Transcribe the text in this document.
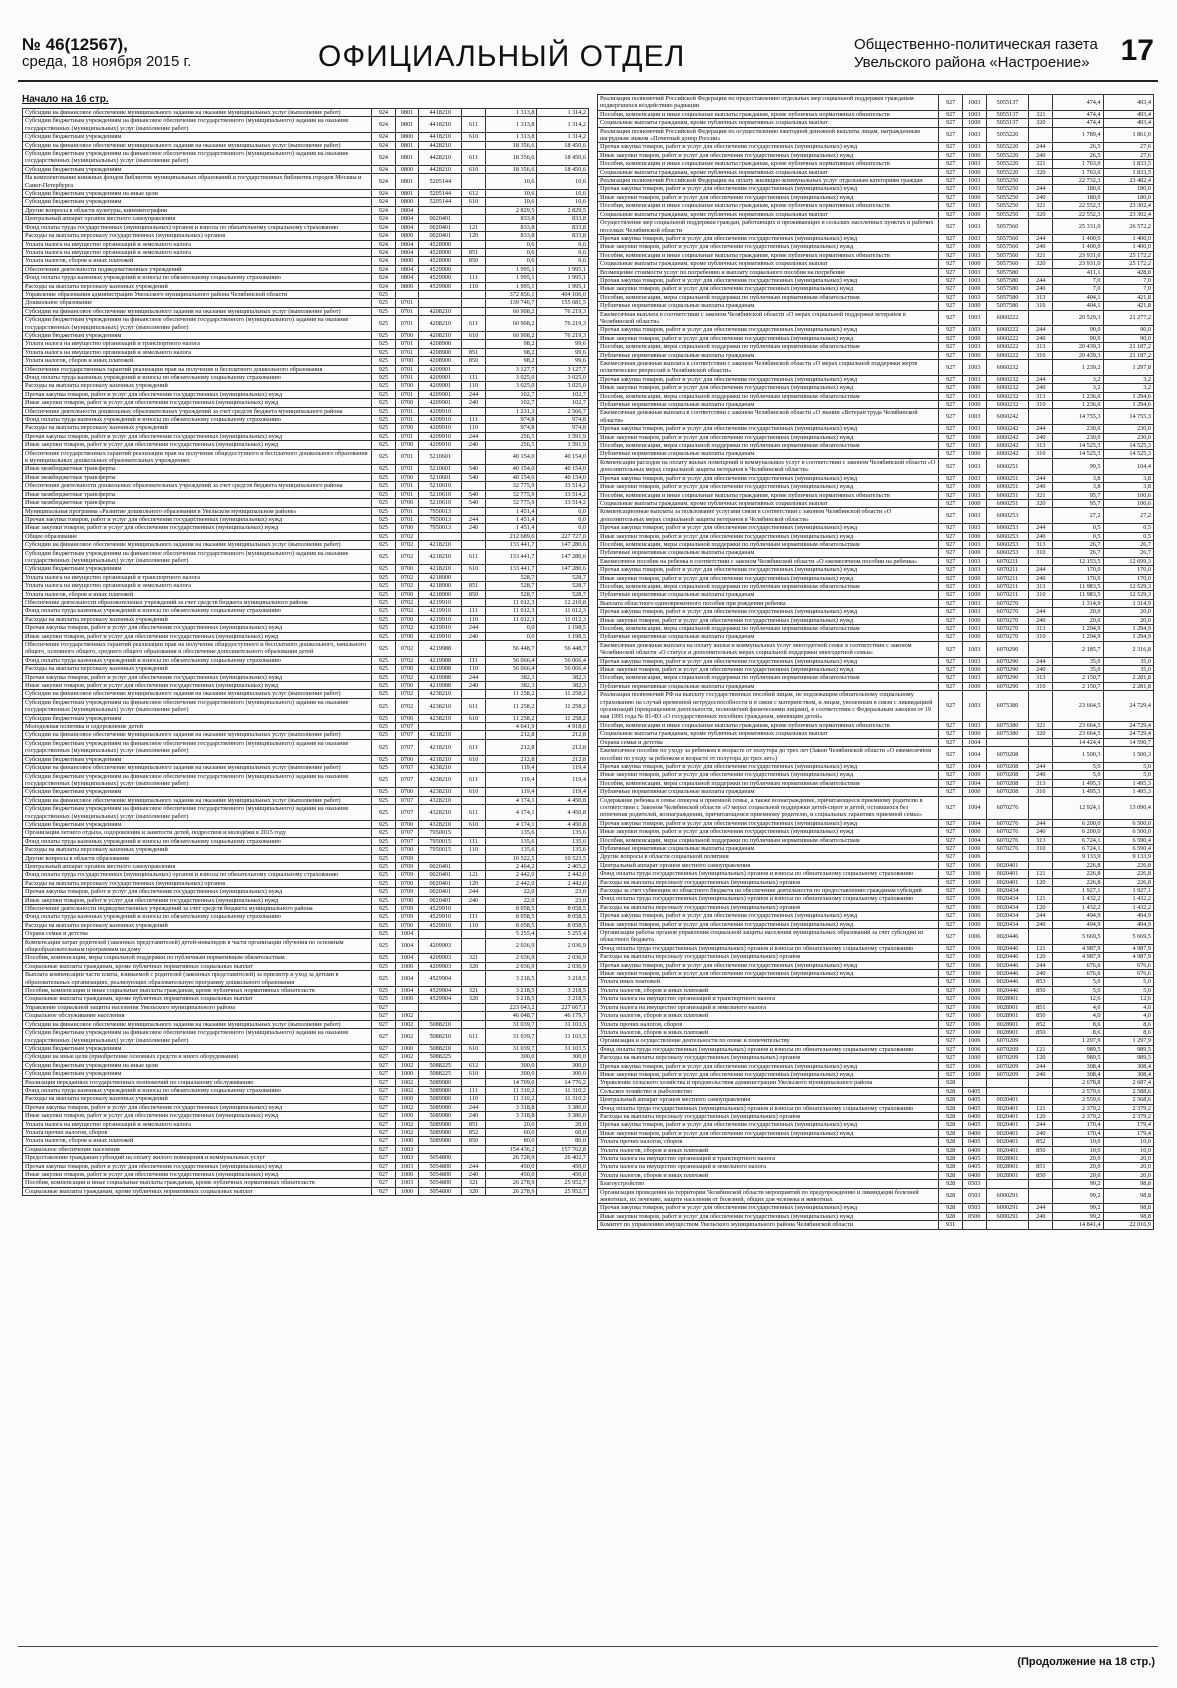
№ 46(12567),
среда, 18 ноября 2015 г.	ОФИЦИАЛЬНЫЙ ОТДЕЛ	Общественно-политическая газета
Увельского района «Настроение»	17
Начало на 16 стр.
Субсидии на финансовое обеспечение муниципального задания на оказание муниципальных услуг (выполнение работ)	924	0801	4418210		1 313,8	1 314,2
Субсидии бюджетным учреждениям на финансовое обеспечение государственного (муниципального) задания на оказание государственных (муниципальных) услуг (выполнение работ)	924	0801	4418210	611	1 313,8	1 314,2
Субсидии бюджетным учреждениям	924	0800	4418210	610	1 313,8	1 314,2
Субсидии на финансовое обеспечение муниципального задания на оказание муниципальных услуг (выполнение работ)	924	0801	4428210		18 356,6	18 450,6
Субсидии бюджетным учреждениям на финансовое обеспечение государственного (муниципального) задания на оказание государственных (муниципальных) услуг (выполнение работ)	924	0801	4428210	611	18 356,6	18 450,6
Субсидии бюджетным учреждениям	924	0800	4428210	610	18 356,6	18 450,6
На комплектование книжных фондов библиотек муниципальных образований и государственных библиотек городов Москвы и Санкт-Петербурга	924	0801	5205144		10,6	10,6
Субсидии бюджетным учреждениям на иные цели	924	0801	5205144	612	10,6	10,6
Субсидии бюджетным учреждениям	924	0800	5205144	610	10,6	10,6
Другие вопросы в области культуры, кинематографии	924	0804			2 829,5	2 829,5
Центральный аппарат органов местного самоуправления	924	0804	0020401		833,8	833,8
Фонд оплаты труда государственных (муниципальных) органов и взносы по обязательному социальному страхованию	924	0804	0020401	121	833,8	833,8
Расходы на выплаты персоналу государственных (муниципальных) органов	924	0800	0020401	120	833,8	833,8
Уплата налога на имущество организаций и земельного налога	924	0804	4528900		0,6	0,6
Уплата налога на имущество организаций и земельного налога	924	0804	4528900	851	0,6	0,6
Уплата налогов, сборов и иных платежей	924	0800	4528900	850	0,6	0,6
Обеспечение деятельности подведомственных учреждений	924	0804	4529900		1 995,1	1 995,1
Фонд оплаты труда казенных учреждений и взносы по обязательному социальному страхованию	924	0804	4529900	111	1 995,1	1 995,1
Расходы на выплаты персоналу казенных учреждений	924	0800	4529900	110	1 995,1	1 995,1
Управление образования администрации Увельского муниципального района Челябинской области	925				372 856,1	404 106,0
Дошкольное образование	925	0701			139 746,7	155 681,5
Субсидии на финансовое обеспечение муниципального задания на оказание муниципальных услуг (выполнение работ)	925	0701	4208210		60 908,2	76 219,3
Субсидии бюджетным учреждениям на финансовое обеспечение государственного (муниципального) задания на оказание государственных (муниципальных) услуг (выполнение работ)	925	0701	4208210	611	60 908,2	76 219,3
Субсидии бюджетным учреждениям	925	0700	4208210	610	60 908,2	76 219,3
Уплата налога на имущество организаций и транспортного налога	925	0701	4208900		98,2	99,6
Уплата налога на имущество организаций и земельного налога	925	0701	4208900	851	98,2	99,6
Уплата налогов, сборов и иных платежей	925	0700	4208900	850	98,2	99,6
Обеспечение государственных гарантий реализации прав на получение и бесплатного дошкольного образования	925	0701	4209901		3 127,7	3 127,7
Фонд оплаты труда казенных учреждений и взносы по обязательному социальному страхованию	925	0701	4209901	111	3 025,0	3 025,0
Расходы на выплаты персоналу казенных учреждений	925	0700	4209901	110	3 025,0	3 025,0
Прочая закупка товаров, работ и услуг для обеспечения государственных (муниципальных) нужд	925	0701	4209901	244	102,7	102,7
Иные закупки товаров, работ и услуг для обеспечения государственных (муниципальных) нужд	925	0700	4209901	240	102,7	102,7
Обеспечение деятельности дошкольных образовательных учреждений за счет средств бюджета муниципального района	925	0701	4209910		1 231,3	2 566,7
Фонд оплаты труда казенных учреждений и взносы по обязательному социальному страхованию	925	0701	4209910	111	974,8	974,8
Расходы на выплаты персоналу казенных учреждений	925	0700	4209910	110	974,8	974,8
Прочая закупка товаров, работ и услуг для обеспечения государственных (муниципальных) нужд	925	0701	4209910	244	256,5	1 591,9
Иные закупки товаров, работ и услуг для обеспечения государственных (муниципальных) нужд	925	0700	4209910	240	256,5	1 591,9
Обеспечение государственных гарантий реализации прав на получение общедоступного и бесплатного дошкольного образования в муниципальных дошкольных образовательных учреждениях	925	0701	5210601		40 154,0	40 154,0
Иные межбюджетные трансферты	925	0701	5210601	540	40 154,0	40 154,0
Иные межбюджетные трансферты	925	0700	5210601	540	40 154,0	40 154,0
Обеспечение деятельности дошкольных образовательных учреждений за счет средств бюджета муниципального района	925	0701	5210610		32 775,9	33 514,2
Иные межбюджетные трансферты	925	0701	5210610	540	32 775,9	33 514,2
Иные межбюджетные трансферты	925	0700	5210610	540	32 775,9	33 514,2
Муниципальная программа «Развитие дошкольного образования в Увельском муниципальном районе»	925	0701	7950013		1 451,4	0,0
Прочая закупка товаров, работ и услуг для обеспечения государственных (муниципальных) нужд	925	0701	7950013	244	1 451,4	0,0
Иные закупки товаров, работ и услуг для обеспечения государственных (муниципальных) нужд	925	0700	7950013	240	1 451,4	0,0
Общее образование	925	0702			212 689,6	227 727,0
Субсидии на финансовое обеспечение муниципального задания на оказание муниципальных услуг (выполнение работ)	925	0702	4218210		133 441,7	147 280,6
Субсидии бюджетным учреждениям на финансовое обеспечение государственного (муниципального) задания на оказание государственных (муниципальных) услуг (выполнение работ)	925	0702	4218210	611	133 441,7	147 280,6
Субсидии бюджетным учреждениям	925	0700	4218210	610	133 441,7	147 280,6
Уплата налога на имущество организаций и транспортного налога	925	0702	4218900		528,7	528,7
Уплата налога на имущество организаций и земельного налога	925	0702	4218900	851	528,7	528,7
Уплата налогов, сборов и иных платежей	925	0700	4218900	850	528,7	528,7
Обеспечение деятельности образовательных учреждений за счет средств бюджета муниципального района	925	0702	4219910		11 012,3	12 210,8
Фонд оплаты труда казенных учреждений и взносы по обязательному социальному страхованию	925	0702	4219910	111	11 012,3	11 012,3
Расходы на выплаты персоналу казенных учреждений	925	0700	4219910	110	11 012,3	11 012,3
Прочая закупка товаров, работ и услуг для обеспечения государственных (муниципальных) нужд	925	0702	4219910	244	0,0	1 198,5
Иные закупки товаров, работ и услуг для обеспечения государственных (муниципальных) нужд	925	0700	4219910	240	0,0	1 198,5
Обеспечение государственных гарантий реализации прав на получение общедоступного и бесплатного дошкольного, начального общего, основного общего, среднего общего образования и обеспечение дополнительного образования детей	925	0702	4219988		56 448,7	56 448,7
Фонд оплаты труда казенных учреждений и взносы по обязательному социальному страхованию	925	0702	4219988	111	56 066,4	56 066,4
Расходы на выплаты персоналу казенных учреждений	925	0700	4219988	110	56 066,4	56 066,4
Прочая закупка товаров, работ и услуг для обеспечения государственных (муниципальных) нужд	925	0702	4219988	244	382,3	382,3
Иные закупки товаров, работ и услуг для обеспечения государственных (муниципальных) нужд	925	0700	4219988	240	382,3	382,3
Субсидии на финансовое обеспечение муниципального задания на оказание муниципальных услуг (выполнение работ)	925	0702	4238210		11 258,2	11 258,2
Субсидии бюджетным учреждениям на финансовое обеспечение государственного (муниципального) задания на оказание государственных (муниципальных) услуг (выполнение работ)	925	0702	4238210	611	11 258,2	11 258,2
Субсидии бюджетным учреждениям	925	0700	4238210	610	11 258,2	11 258,2
Молодежная политика и оздоровление детей	925	0707			4 641,9	4 918,6
Субсидии на финансовое обеспечение муниципального задания на оказание муниципальных услуг (выполнение работ)	925	0707	4218210		212,8	212,8
Субсидии бюджетным учреждениям на финансовое обеспечение государственного (муниципального) задания на оказание государственных (муниципальных) услуг (выполнение работ)	925	0707	4218210	611	212,8	212,8
Субсидии бюджетным учреждениям	925	0700	4218210	610	212,8	212,8
Субсидии на финансовое обеспечение муниципального задания на оказание муниципальных услуг (выполнение работ)	925	0707	4238210		119,4	119,4
Субсидии бюджетным учреждениям на финансовое обеспечение государственного (муниципального) задания на оказание государственных (муниципальных) услуг (выполнение работ)	925	0707	4238210	611	119,4	119,4
Субсидии бюджетным учреждениям	925	0700	4238210	610	119,4	119,4
Субсидии на финансовое обеспечение муниципального задания на оказание муниципальных услуг (выполнение работ)	925	0707	4328210		4 174,1	4 450,8
Субсидии бюджетным учреждениям на финансовое обеспечение государственного (муниципального) задания на оказание государственных (муниципальных) услуг (выполнение работ)	925	0707	4328210	611	4 174,1	4 450,8
Субсидии бюджетным учреждениям	925	0700	4328210	610	4 174,1	4 450,8
Организация летнего отдыха, оздоровления и занятости детей, подростков и молодёжи в 2015 году	925	0707	7950015		135,6	135,6
Фонд оплаты труда казенных учреждений и взносы по обязательному социальному страхованию	925	0707	7950015	111	135,6	135,6
Расходы на выплаты персоналу казенных учреждений	925	0700	7950015	110	135,6	135,6
Другие вопросы в области образования	925	0709			10 522,5	10 523,5
Центральный аппарат органов местного самоуправления	925	0709	0020401		2 464,2	2 465,2
Фонд оплаты труда государственных (муниципальных) органов и взносы по обязательному социальному страхованию	925	0709	0020401	121	2 442,0	2 442,0
Расходы на выплаты персоналу государственных (муниципальных) органов	925	0700	0020401	120	2 442,0	2 442,0
Прочая закупка товаров, работ и услуг для обеспечения государственных (муниципальных) нужд	925	0709	0020401	244	22,0	23,0
Иные закупки товаров, работ и услуг для обеспечения государственных (муниципальных) нужд	925	0700	0020401	240	22,0	23,0
Обеспечение деятельности подведомственных учреждений за счет средств бюджета муниципального района	925	0709	4529910		8 058,5	8 058,5
Фонд оплаты труда казенных учреждений и взносы по обязательному социальному страхованию	925	0709	4529910	111	8 058,5	8 058,5
Расходы на выплаты персоналу казенных учреждений	925	0700	4529910	110	8 058,5	8 058,5
Охрана семьи и детства	925	1004			5 255,4	5 255,4
Компенсация затрат родителей (законных представителей) детей-инвалидов в части организации обучения по основным общеобразовательным программам на дому	925	1004	4209903		2 036,9	2 036,9
Пособия, компенсации, меры социальной поддержки по публичным нормативным обязательствам	925	1004	4209903	321	2 036,9	2 036,9
Социальные выплаты гражданам, кроме публичных нормативных социальных выплат	925	1000	4209903	320	2 036,9	2 036,9
Выплата компенсации части платы, взимаемой с родителей (законных представителей) за присмотр и уход за детьми в образовательных организациях, реализующих образовательную программу дошкольного образования	925	1004	4529904		3 218,5	3 218,5
Пособия, компенсации и иные социальные выплаты гражданам, кроме публичных нормативных обязательств	925	1004	4529904	321	3 218,5	3 218,5
Социальные выплаты гражданам, кроме публичных нормативных социальных выплат	925	1000	4529904	320	3 218,5	3 218,5
Управление социальной защиты населения Увельского муниципального района	927				223 043,2	227 667,1
Социальное обслуживание населения	927	1002			46 048,7	46 179,7
Субсидии на финансовое обеспечение муниципального задания на оказание муниципальных услуг (выполнение работ)	927	1002	5088210		31 039,7	31 103,5
Субсидии бюджетным учреждениям на финансовое обеспечение государственного (муниципального) задания на оказание государственных (муниципальных) услуг (выполнение работ)	927	1002	5088210	611	31 039,7	31 103,5
Субсидии бюджетным учреждениям	927	1000	5088210	610	31 039,7	31 103,5
Субсидии на иные цели (приобретение основных средств и иного оборудования)	927	1002	5088225		300,0	300,0
Субсидии бюджетным учреждениям на иные цели	927	1002	5088225	612	300,0	300,0
Субсидии бюджетным учреждениям	927	1000	5088225	610	300,0	300,0
Реализация переданных государственных полномочий по социальному обслуживанию	927	1002	5089980		14 709,0	14 776,2
Фонд оплаты труда казенных учреждений и взносы по обязательному социальному страхованию	927	1002	5089980	111	11 310,2	11 310,2
Расходы на выплаты персоналу казенных учреждений	927	1000	5089980	110	11 310,2	11 310,2
Прочая закупка товаров, работ и услуг для обеспечения государственных (муниципальных) нужд	927	1002	5089980	244	3 318,8	3 386,0
Иные закупки товаров, работ и услуг для обеспечения государственных (муниципальных) нужд	927	1000	5089980	240	3 318,8	3 386,0
Уплата налога на имущество организаций и земельного налога	927	1002	5089980	851	20,0	20,0
Уплата прочих налогов, сборов	927	1002	5089980	852	60,0	60,0
Уплата налогов, сборов и иных платежей	927	1000	5089980	850	80,0	80,0
Социальное обеспечение населения	927	1003			154 436,2	157 762,8
Предоставление гражданам субсидий на оплату жилого помещения и коммунальных услуг	927	1003	5054800		26 728,9	26 402,7
Прочая закупка товаров, работ и услуг для обеспечения государственных (муниципальных) нужд	927	1003	5054800	244	450,0	450,0
Иные закупки товаров, работ и услуг для обеспечения государственных (муниципальных) нужд	927	1000	5054800	240	450,0	450,0
Пособия, компенсации и иные социальные выплаты гражданам, кроме публичных нормативных обязательств	927	1003	5054800	321	26 278,9	25 952,7
Социальные выплаты гражданам, кроме публичных нормативных социальных выплат	927	1000	5054800	320	26 278,9	25 952,7
Реализация полномочий Российской Федерации по предоставлению отдельных мер социальной поддержки гражданам подвергшихся воздействию радиации	927	1003	5055137		474,4	493,4
Пособия, компенсации и иные социальные выплаты гражданам, кроме публичных нормативных обязательств	927	1003	5055137	321	474,4	493,4
Социальные выплаты гражданам, кроме публичных нормативных социальных выплат	927	1000	5055137	320	474,4	493,4
Реализация полномочий Российской Федерации по осуществлению ежегодной денежной выплаты лицам, награжденным нагрудным знаком «Почетный донор России»	927	1003	5055220		1 789,4	1 861,0
Прочая закупка товаров, работ и услуг для обеспечения государственных (муниципальных) нужд	927	1003	5055220	244	26,5	27,6
Иные закупки товаров, работ и услуг для обеспечения государственных (муниципальных) нужд	927	1000	5055220	240	26,5	27,6
Пособия, компенсации и иные социальные выплаты гражданам, кроме публичных нормативных обязательств	927	1003	5055220	321	1 763,0	1 833,5
Социальные выплаты гражданам, кроме публичных нормативных социальных выплат	927	1000	5055220	320	1 763,0	1 833,5
Реализация полномочий Российской Федерации на оплату жилищно-коммунальных услуг отдельным категориям граждан	927	1003	5055250		22 732,3	23 482,4
Прочая закупка товаров, работ и услуг для обеспечения государственных (муниципальных) нужд	927	1003	5055250	244	180,0	180,0
Иные закупки товаров, работ и услуг для обеспечения государственных (муниципальных) нужд	927	1000	5055250	240	180,0	180,0
Пособия, компенсации и иные социальные выплаты гражданам, кроме публичных нормативных обязательств	927	1003	5055250	321	22 552,3	23 302,4
Социальные выплаты гражданам, кроме публичных нормативных социальных выплат	927	1000	5055250	320	22 552,3	23 302,4
Осуществление мер социальной поддержки граждан, работающих и проживающих в сельских населенных пунктах и рабочих поселках Челябинской области	927	1003	5057560		25 331,0	26 572,2
Прочая закупка товаров, работ и услуг для обеспечения государственных (муниципальных) нужд	927	1003	5057560	244	1 400,0	1 400,0
Иные закупки товаров, работ и услуг для обеспечения государственных (муниципальных) нужд	927	1000	5057560	240	1 400,0	1 400,0
Пособия, компенсации и иные социальные выплаты гражданам, кроме публичных нормативных обязательств	927	1003	5057560	321	23 931,0	25 172,2
Социальные выплаты гражданам, кроме публичных нормативных социальных выплат	927	1000	5057560	320	23 931,0	25 172,2
Возмещение стоимости услуг по погребению и выплату социального пособия на погребение	927	1003	5057580		411,1	428,8
Прочая закупка товаров, работ и услуг для обеспечения государственных (муниципальных) нужд	927	1003	5057580	244	7,0	7,0
Иные закупки товаров, работ и услуг для обеспечения государственных (муниципальных) нужд	927	1000	5057580	240	7,0	7,0
Пособия, компенсации, меры социальной поддержки по публичным нормативным обязательствам	927	1003	5057580	313	404,1	421,8
Публичные нормативные социальные выплаты гражданам	927	1000	5057580	310	404,1	421,8
Ежемесячная выплата в соответствии с законом Челябинской области «О мерах социальной поддержки ветеранов в Челябинской области»	927	1003	6060222		20 529,3	21 277,2
Прочая закупка товаров, работ и услуг для обеспечения государственных (муниципальных) нужд	927	1003	6060222	244	90,0	90,0
Иные закупки товаров, работ и услуг для обеспечения государственных (муниципальных) нужд	927	1000	6060222	240	90,0	90,0
Пособия, компенсации, меры социальной поддержки по публичным нормативным обязательствам	927	1003	6060222	313	20 439,3	21 187,2
Публичные нормативные социальные выплаты гражданам	927	1000	6060222	310	20 439,3	21 187,2
Ежемесячная денежная выплата в соответствии с законом Челябинской области «О мерах социальной поддержки жертв политических репрессий в Челябинской области»	927	1003	6060232		1 239,2	1 297,8
Прочая закупка товаров, работ и услуг для обеспечения государственных (муниципальных) нужд	927	1003	6060232	244	3,2	3,2
Иные закупки товаров, работ и услуг для обеспечения государственных (муниципальных) нужд	927	1000	6060232	240	3,2	3,2
Пособия, компенсации, меры социальной поддержки по публичным нормативным обязательствам	927	1003	6060232	313	1 236,0	1 294,6
Публичные нормативные социальные выплаты гражданам	927	1000	6060232	310	1 236,0	1 294,6
Ежемесячная денежная выплата в соответствии с законом Челябинской области «О звании «Ветеран труда Челябинской области»	927	1003	6060242		14 755,3	14 755,3
Прочая закупка товаров, работ и услуг для обеспечения государственных (муниципальных) нужд	927	1003	6060242	244	230,0	230,0
Иные закупки товаров, работ и услуг для обеспечения государственных (муниципальных) нужд	927	1000	6060242	240	230,0	230,0
Пособия, компенсации, меры социальной поддержки по публичным нормативным обязательствам	927	1003	6060242	313	14 525,3	14 525,3
Публичные нормативные социальные выплаты гражданам	927	1000	6060242	310	14 525,3	14 525,3
Компенсация расходов на оплату жилых помещений и коммунальных услуг в соответствии с законом Челябинской области «О дополнительных мерах социальной защиты ветеранов в Челябинской области»	927	1003	6060251		99,5	104,4
Прочая закупка товаров, работ и услуг для обеспечения государственных (муниципальных) нужд	927	1003	6060251	244	3,8	3,8
Иные закупки товаров, работ и услуг для обеспечения государственных (муниципальных) нужд	927	1000	6060251	240	3,8	3,8
Пособия, компенсации и иные социальные выплаты гражданам, кроме публичных нормативных обязательств	927	1003	6060251	321	95,7	100,6
Социальные выплаты гражданам, кроме публичных нормативных социальных выплат	927	1000	6060251	320	95,7	100,6
Компенсационные выплаты за пользование услугами связи в соответствии с законом Челябинской области «О дополнительных мерах социальной защиты ветеранов в Челябинской области»	927	1003	6060253		27,2	27,2
Прочая закупка товаров, работ и услуг для обеспечения государственных (муниципальных) нужд	927	1003	6060253	244	0,5	0,5
Иные закупки товаров, работ и услуг для обеспечения государственных (муниципальных) нужд	927	1000	6060253	240	0,5	0,5
Пособия, компенсации, меры социальной поддержки по публичным нормативным обязательствам	927	1003	6060253	313	26,7	26,7
Публичные нормативные социальные выплаты гражданам	927	1000	6060253	310	26,7	26,7
Ежемесячное пособие на ребенка в соответствии с законом Челябинской области «О ежемесячном пособии на ребенка»	927	1003	6070211		12 153,5	12 699,3
Прочая закупка товаров, работ и услуг для обеспечения государственных (муниципальных) нужд	927	1003	6070211	244	170,0	170,0
Иные закупки товаров, работ и услуг для обеспечения государственных (муниципальных) нужд	927	1000	6070211	240	170,0	170,0
Пособия, компенсации, меры социальной поддержки по публичным нормативным обязательствам	927	1003	6070211	313	11 983,5	12 529,3
Публичные нормативные социальные выплаты гражданам	927	1000	6070211	310	11 983,5	12 529,3
Выплата областного единовременного пособия при рождении ребенка	927	1003	6070270		1 314,9	1 314,9
Прочая закупка товаров, работ и услуг для обеспечения государственных (муниципальных) нужд	927	1003	6070270	244	20,0	20,0
Иные закупки товаров, работ и услуг для обеспечения государственных (муниципальных) нужд	927	1000	6070270	240	20,0	20,0
Пособия, компенсации, меры социальной поддержки по публичным нормативным обязательствам	927	1003	6070270	313	1 294,9	1 294,9
Публичные нормативные социальные выплаты гражданам	927	1000	6070270	310	1 294,9	1 294,9
Ежемесячная денежная выплата на оплату жилья и коммунальных услуг многодетной семье в соответствии с законом Челябинской области «О статусе и дополнительных мерах социальной поддержки многодетной семьи»	927	1003	6070290		2 185,7	2 316,8
Прочая закупка товаров, работ и услуг для обеспечения государственных (муниципальных) нужд	927	1003	6070290	244	35,0	35,0
Иные закупки товаров, работ и услуг для обеспечения государственных (муниципальных) нужд	927	1000	6070290	240	35,0	35,0
Пособия, компенсации, меры социальной поддержки по публичным нормативным обязательствам	927	1003	6070290	313	2 150,7	2 281,8
Публичные нормативные социальные выплаты гражданам	927	1000	6070290	310	2 150,7	2 281,8
Реализация полномочий РФ на выплату государственных пособий лицам, не подлежащим обязательному социальному страхованию на случай временной нетрудоспособности и в связи с материнством, и лицам, уволенным в связи с ликвидацией организаций (прекращением деятельности, полномочий физическими лицами), в соответствии с Федеральным законом от 19 мая 1995 года № 81-ФЗ «О государственных пособиях гражданам, имеющим детей»	927	1003	6075380		23 664,5	24 729,4
Пособия, компенсации и иные социальные выплаты гражданам, кроме публичных нормативных обязательств	927	1003	6075380	321	23 664,5	24 729,4
Социальные выплаты гражданам, кроме публичных нормативных социальных выплат	927	1000	6075380	320	23 664,5	24 729,4
Охрана семьи и детства	927	1004			14 424,4	14 590,7
Ежемесячное пособие по уходу за ребенком в возрасте от полутора до трех лет (Закон Челябинской области «О ежемесячном пособии по уходу за ребенком в возрасте от полутора до трех лет»)	927	1004	6070208		1 500,3	1 500,3
Прочая закупка товаров, работ и услуг для обеспечения государственных (муниципальных) нужд	927	1004	6070208	244	5,0	5,0
Иные закупки товаров, работ и услуг для обеспечения государственных (муниципальных) нужд	927	1000	6070208	240	5,0	5,0
Пособия, компенсации, меры социальной поддержки по публичным нормативным обязательствам	927	1004	6070208	313	1 495,3	1 495,3
Публичные нормативные социальные выплаты гражданам	927	1000	6070208	310	1 495,3	1 495,3
Содержание ребенка в семье опекуна и приемной семье, а также вознаграждение, причитающееся приемному родителю в соответствии с Законом Челябинской области «О мерах социальной поддержки детей-сирот и детей, оставшихся без попечения родителей, вознаграждении, причитающемся приемному родителю, и социальных гарантиях приемной семье»	927	1004	6070276		12 924,1	13 090,4
Прочая закупка товаров, работ и услуг для обеспечения государственных (муниципальных) нужд	927	1004	6070276	244	6 200,0	6 500,0
Иные закупки товаров, работ и услуг для обеспечения государственных (муниципальных) нужд	927	1000	6070276	240	6 200,0	6 500,0
Пособия, компенсации, меры социальной поддержки по публичным нормативным обязательствам	927	1004	6070276	313	6 724,1	6 590,4
Публичные нормативные социальные выплаты гражданам	927	1000	6070276	310	6 724,1	6 590,4
Другие вопросы в области социальной политики	927	1006			9 133,9	9 133,9
Центральный аппарат органов местного самоуправления	927	1006	0020401		226,8	226,8
Фонд оплаты труда государственных (муниципальных) органов и взносы по обязательному социальному страхованию	927	1006	0020401	121	226,8	226,8
Расходы на выплаты персоналу государственных (муниципальных) органов	927	1000	0020401	120	226,8	226,8
Расходы за счет субвенции из областного бюджета на обеспечение деятельности по предоставлению гражданам субсидий	927	1006	0020434		1 927,1	1 927,1
Фонд оплаты труда государственных (муниципальных) органов и взносы по обязательному социальному страхованию	927	1006	0020434	121	1 432,2	1 432,2
Расходы на выплаты персоналу государственных (муниципальных) органов	927	1000	0020434	120	1 432,2	1 432,2
Прочая закупка товаров, работ и услуг для обеспечения государственных (муниципальных) нужд	927	1006	0020434	244	494,9	494,9
Иные закупки товаров, работ и услуг для обеспечения государственных (муниципальных) нужд	927	1000	0020434	240	494,9	494,9
Организация работы органов управления социальной защиты населения муниципальных образований за счет субсидии из областного бюджета	927	1006	0020446		5 669,5	5 669,5
Фонд оплаты труда государственных (муниципальных) органов и взносы по обязательному социальному страхованию	927	1006	0020446	121	4 987,9	4 987,9
Расходы на выплаты персоналу государственных (муниципальных) органов	927	1000	0020446	120	4 987,9	4 987,9
Прочая закупка товаров, работ и услуг для обеспечения государственных (муниципальных) нужд	927	1006	0020446	244	676,6	676,6
Иные закупки товаров, работ и услуг для обеспечения государственных (муниципальных) нужд	927	1000	0020446	240	676,6	676,6
Уплата иных платежей	927	1006	0020446	853	5,0	5,0
Уплата налогов, сборов и иных платежей	927	1000	0020446	850	5,0	5,0
Уплата налога на имущество организаций и транспортного налога	927	1006	0028901		12,6	12,6
Уплата налога на имущество организаций и земельного налога	927	1006	0028901	851	4,0	4,0
Уплата налогов, сборов и иных платежей	927	1000	0028901	850	4,0	4,0
Уплата прочих налогов, сборов	927	1006	0028901	852	8,6	8,6
Уплата налогов, сборов и иных платежей	927	1000	0028901	850	8,6	8,6
Организация и осуществление деятельности по опеке и попечительству	927	1006	6070209		1 297,9	1 297,9
Фонд оплаты труда государственных (муниципальных) органов и взносы по обязательному социальному страхованию	927	1006	6070209	121	989,5	989,5
Расходы на выплаты персоналу государственных (муниципальных) органов	927	1000	6070209	120	989,5	989,5
Прочая закупка товаров, работ и услуг для обеспечения государственных (муниципальных) нужд	927	1006	6070209	244	308,4	308,4
Иные закупки товаров, работ и услуг для обеспечения государственных (муниципальных) нужд	927	1000	6070209	240	308,4	308,4
Управление сельского хозяйства и продовольствия администрации Увельского муниципального района	928				2 678,8	2 687,4
Сельское хозяйство и рыболовство	928	0405			2 579,6	2 588,6
Центральный аппарат органов местного самоуправления	928	0405	0020401		2 559,6	2 568,6
Фонд оплаты труда государственных (муниципальных) органов и взносы по обязательному социальному страхованию	928	0405	0020401	121	2 379,2	2 379,2
Расходы на выплаты персоналу государственных (муниципальных) органов	928	0400	0020401	120	2 379,2	2 379,2
Прочая закупка товаров, работ и услуг для обеспечения государственных (муниципальных) нужд	928	0405	0020401	244	170,4	179,4
Иные закупки товаров, работ и услуг для обеспечения государственных (муниципальных) нужд	928	0400	0020401	240	170,4	179,4
Уплата прочих налогов, сборов	928	0405	0020401	852	10,0	10,0
Уплата налогов, сборов и иных платежей	928	0400	0020401	850	10,0	10,0
Уплата налога на имущество организаций и транспортного налога	928	0405	0028901		20,0	20,0
Уплата налога на имущество организаций и земельного налога	928	0405	0028901	851	20,0	20,0
Уплата налогов, сборов и иных платежей	928	0400	0028901	850	20,0	20,0
Благоустройство	928	0503			99,2	98,8
Организация проведения на территории Челябинской области мероприятий по предупреждению и ликвидации болезней животных, их лечению, защите населения от болезней, общих для человека и животных	928	0503	6000291		99,2	98,8
Прочая закупка товаров, работ и услуг для обеспечения государственных (муниципальных) нужд	928	0503	6000291	244	99,2	98,8
Иные закупки товаров, работ и услуг для обеспечения государственных (муниципальных) нужд	928	0500	6000291	240	99,2	98,8
Комитет по управлению имуществом Увельского муниципального района Челябинской области	931				14 841,4	22 016,9
(Продолжение на 18 стр.)
